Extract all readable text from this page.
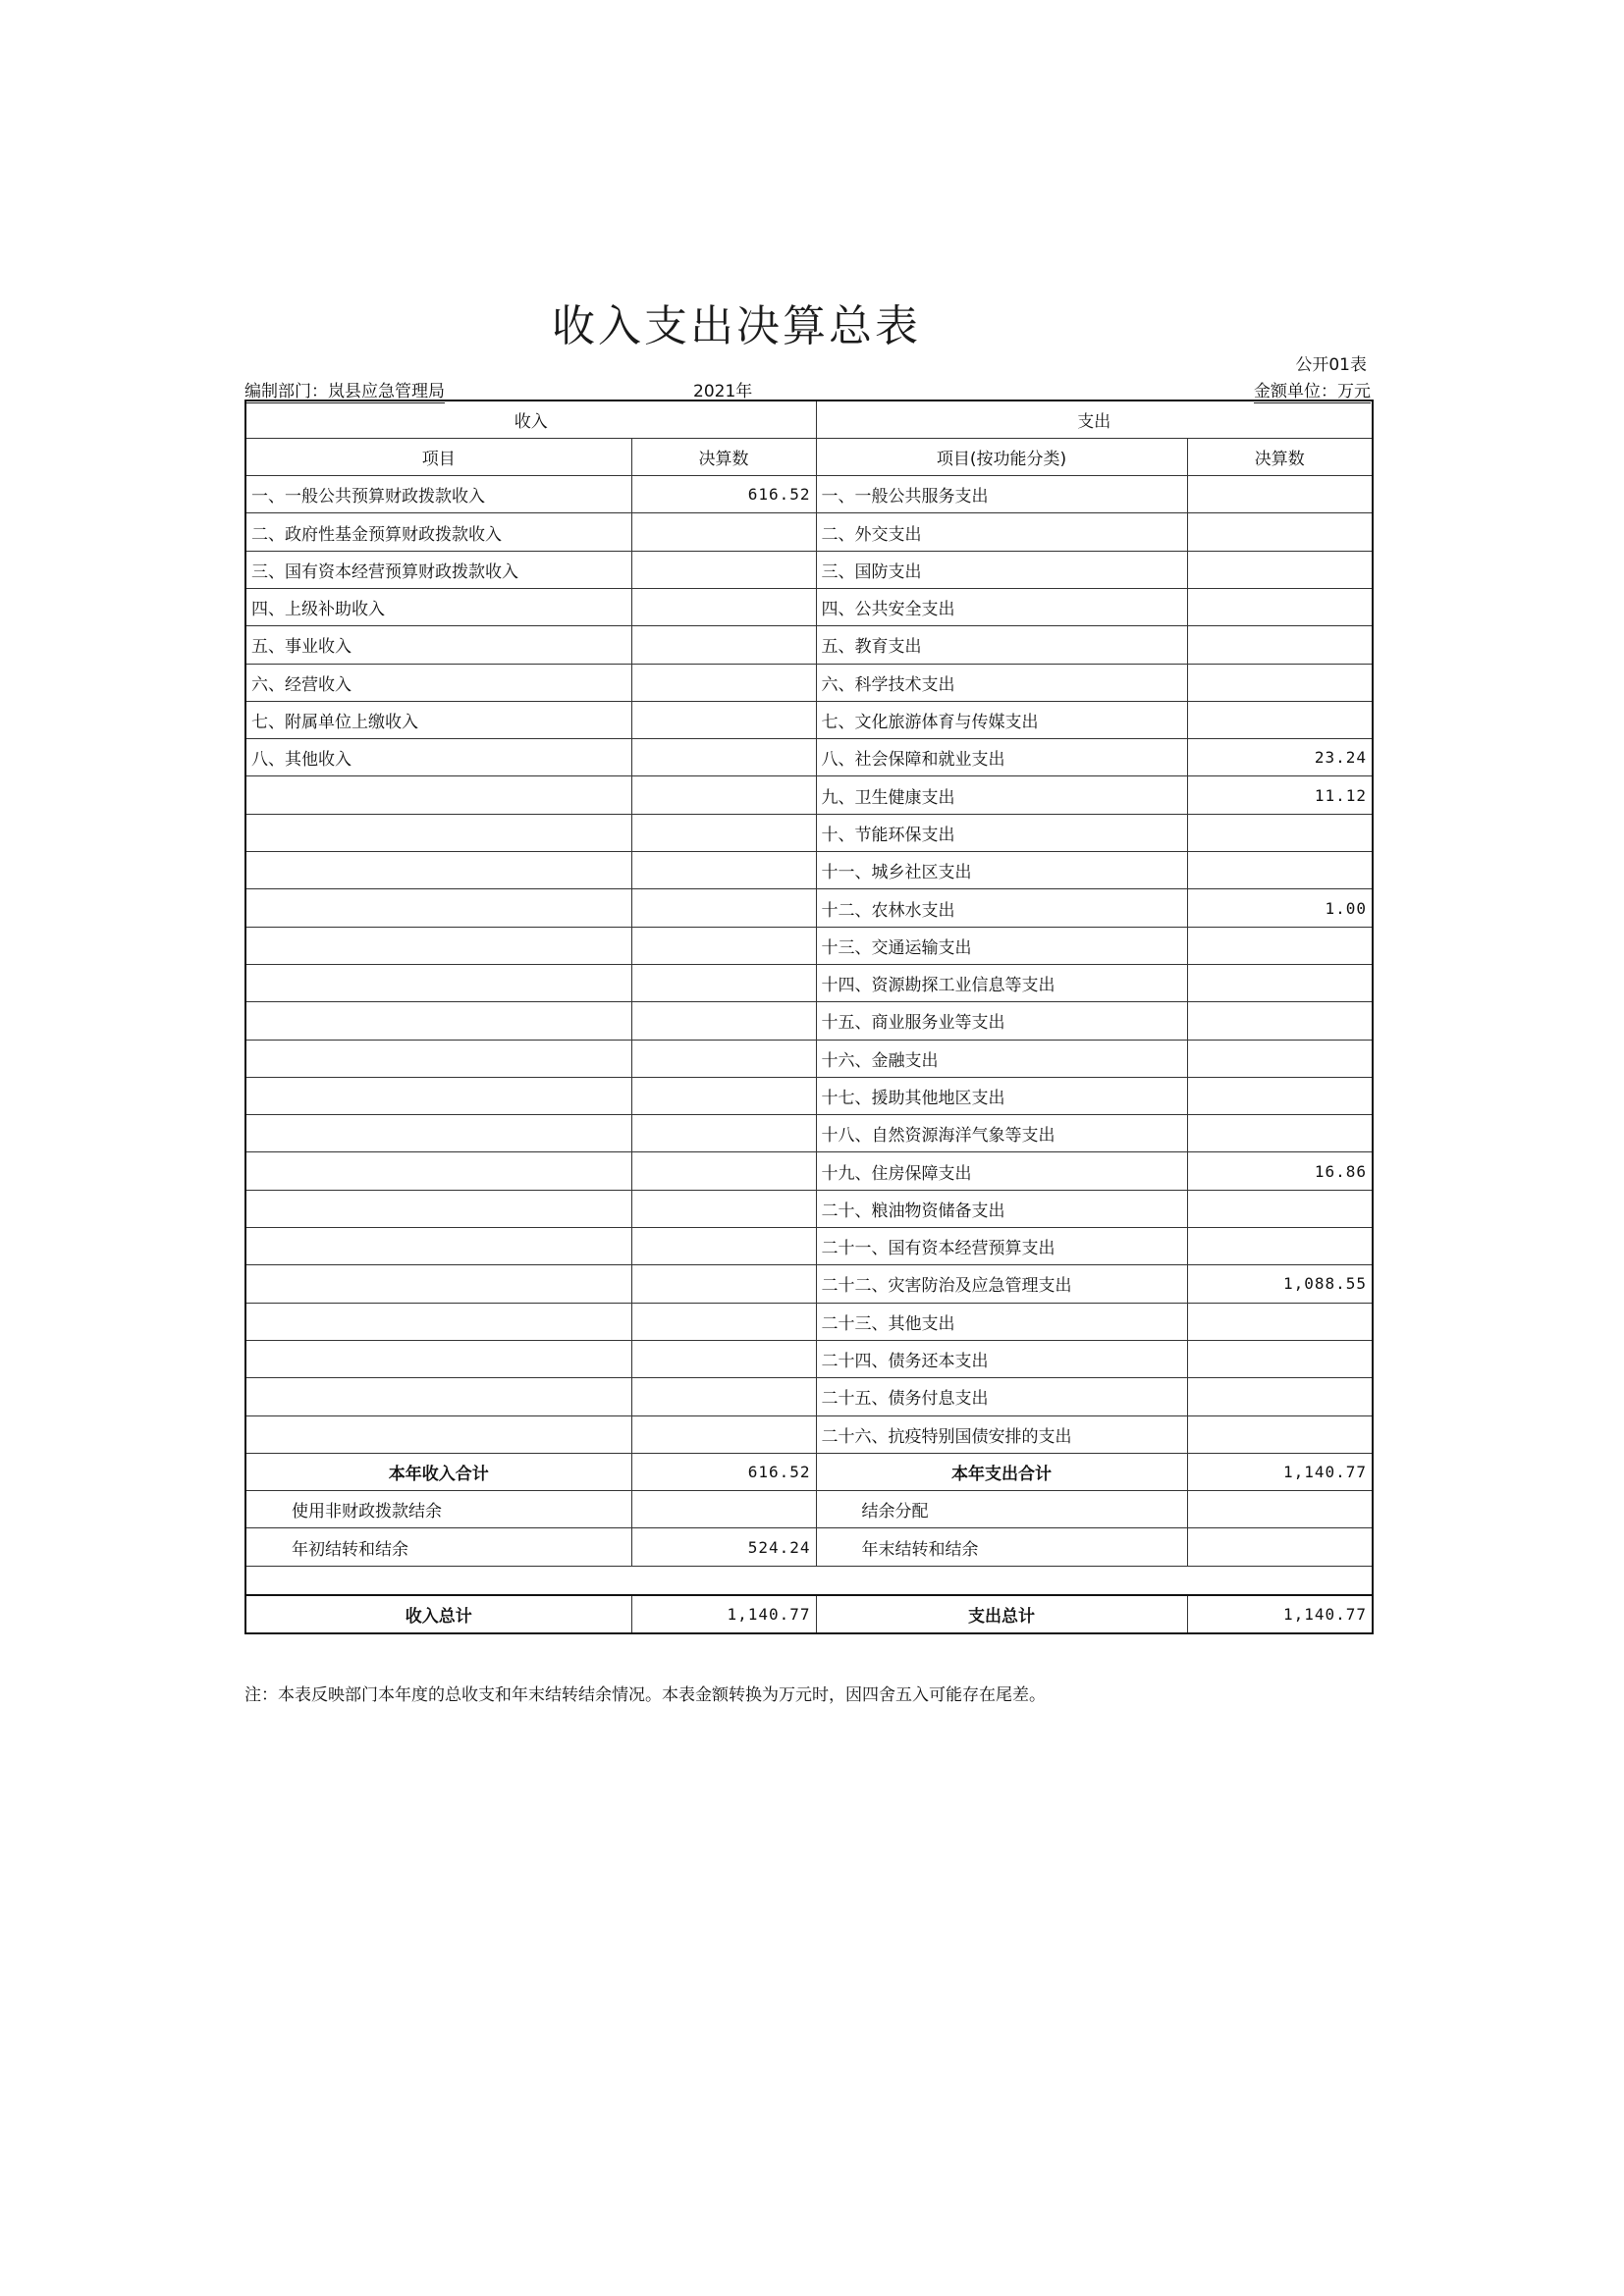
收入支出决算总表
公开01表
编制部门：岚县应急管理局	2021年	金额单位：万元
收入		支出	
项目	决算数	项目(按功能分类)	决算数
一、一般公共预算财政拨款收入	616.52	一、一般公共服务支出	
二、政府性基金预算财政拨款收入		二、外交支出	
三、国有资本经营预算财政拨款收入		三、国防支出	
四、上级补助收入		四、公共安全支出	
五、事业收入		五、教育支出	
六、经营收入		六、科学技术支出	
七、附属单位上缴收入		七、文化旅游体育与传媒支出	
八、其他收入		八、社会保障和就业支出	23.24
		九、卫生健康支出	11.12
		十、节能环保支出	
		十一、城乡社区支出	
		十二、农林水支出	1.00
		十三、交通运输支出	
		十四、资源勘探工业信息等支出	
		十五、商业服务业等支出	
		十六、金融支出	
		十七、援助其他地区支出	
		十八、自然资源海洋气象等支出	
		十九、住房保障支出	16.86
		二十、粮油物资储备支出	
		二十一、国有资本经营预算支出	
		二十二、灾害防治及应急管理支出	1,088.55
		二十三、其他支出	
		二十四、债务还本支出	
		二十五、债务付息支出	
		二十六、抗疫特别国债安排的支出	
本年收入合计	616.52	本年支出合计	1,140.77
使用非财政拨款结余		结余分配	
年初结转和结余	524.24	年末结转和结余	

收入总计	1,140.77	支出总计	1,140.77
注：本表反映部门本年度的总收支和年末结转结余情况。本表金额转换为万元时，因四舍五入可能存在尾差。
